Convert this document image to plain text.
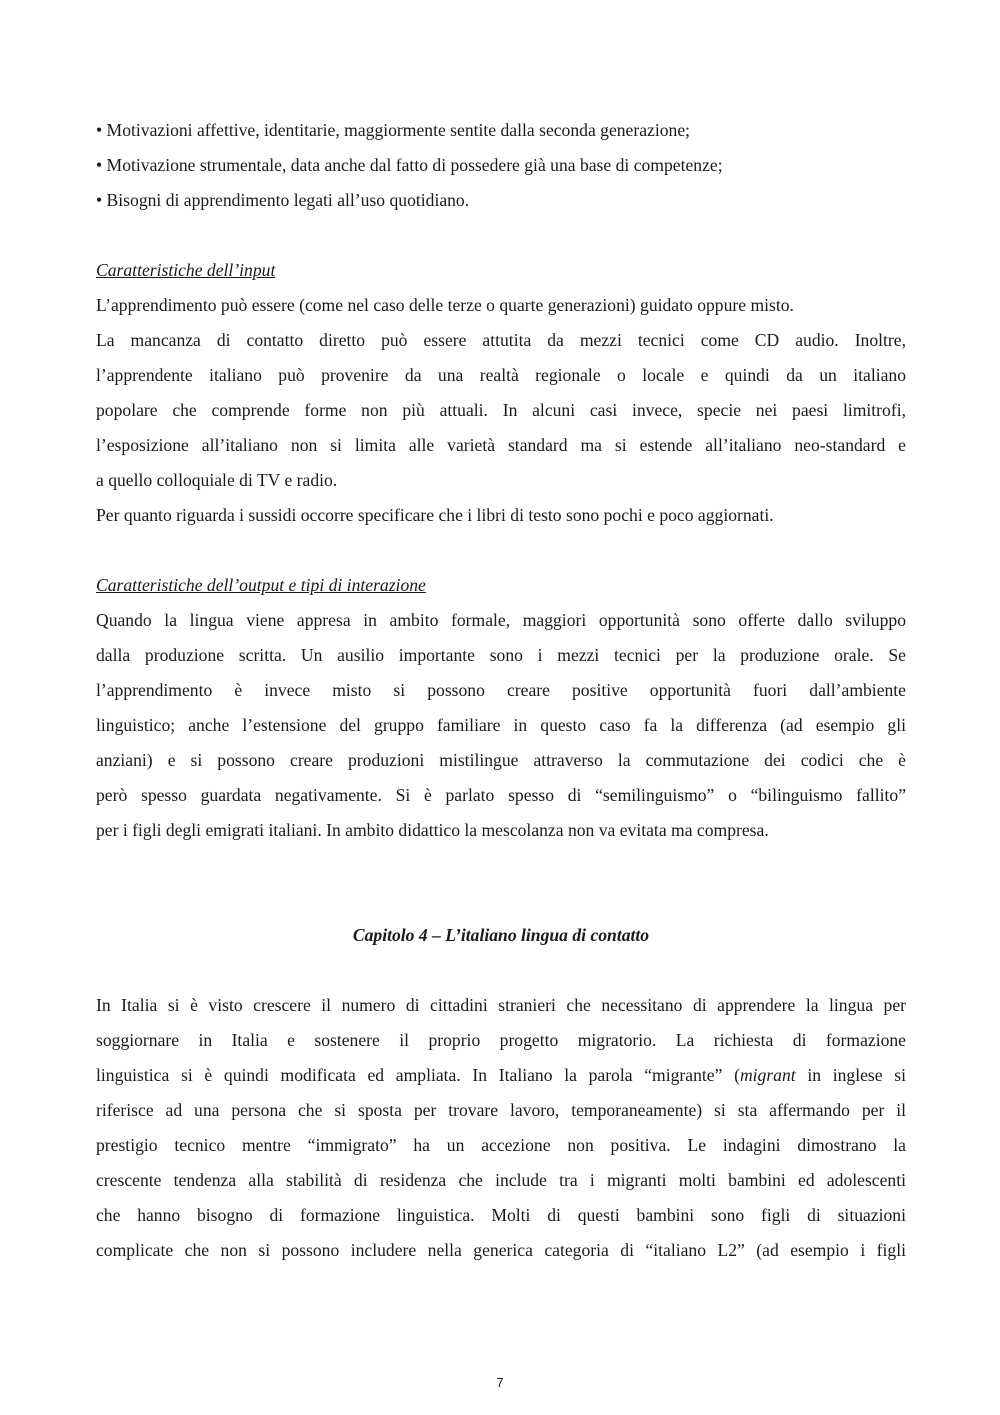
• Motivazioni affettive, identitarie, maggiormente sentite dalla seconda generazione;

• Motivazione strumentale, data anche dal fatto di possedere già una base di competenze;

• Bisogni di apprendimento legati all’uso quotidiano.

Caratteristiche dell’input

L’apprendimento può essere (come nel caso delle terze o quarte generazioni) guidato oppure misto.

La mancanza di contatto diretto può essere attutita da mezzi tecnici come CD audio. Inoltre,

l’apprendente italiano può provenire da una realtà regionale o locale e quindi da un italiano

popolare che comprende forme non più attuali. In alcuni casi invece, specie nei paesi limitrofi,

l’esposizione all’italiano non si limita alle varietà standard ma si estende all’italiano neo-standard e

a quello colloquiale di TV e radio.

Per quanto riguarda i sussidi occorre specificare che i libri di testo sono pochi e poco aggiornati.

Caratteristiche dell’output e tipi di interazione

Quando la lingua viene appresa in ambito formale, maggiori opportunità sono offerte dallo sviluppo

dalla produzione scritta. Un ausilio importante sono i mezzi tecnici per la produzione orale. Se

l’apprendimento è invece misto si possono creare positive opportunità fuori dall’ambiente

linguistico; anche l’estensione del gruppo familiare in questo caso fa la differenza (ad esempio gli

anziani) e si possono creare produzioni mistilingue attraverso la commutazione dei codici che è

però spesso guardata negativamente. Si è parlato spesso di “semilinguismo” o “bilinguismo fallito”

per i figli degli emigrati italiani. In ambito didattico la mescolanza non va evitata ma compresa.

Capitolo 4 – L’italiano lingua di contatto

In Italia si è visto crescere il numero di cittadini stranieri che necessitano di apprendere la lingua per

soggiornare in Italia e sostenere il proprio progetto migratorio. La richiesta di formazione

linguistica si è quindi modificata ed ampliata. In Italiano la parola “migrante” (migrant in inglese si

riferisce ad una persona che si sposta per trovare lavoro, temporaneamente) si sta affermando per il

prestigio tecnico mentre “immigrato” ha un accezione non positiva. Le indagini dimostrano la

crescente tendenza alla stabilità di residenza che include tra i migranti molti bambini ed adolescenti

che hanno bisogno di formazione linguistica. Molti di questi bambini sono figli di situazioni

complicate che non si possono includere nella generica categoria di “italiano L2” (ad esempio i figli

7
